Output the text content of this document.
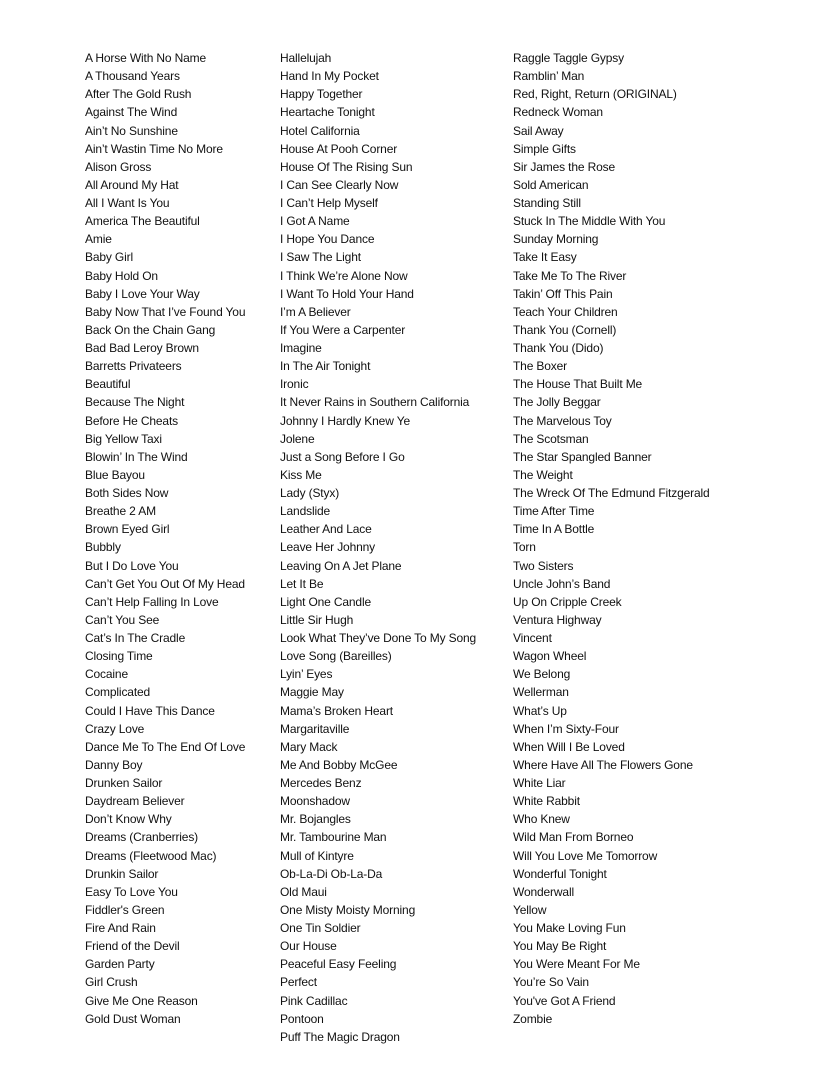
A Horse With No Name
A Thousand Years
After The Gold Rush
Against The Wind
Ain’t No Sunshine
Ain’t Wastin Time No More
Alison Gross
All Around My Hat
All I Want Is You
America The Beautiful
Amie
Baby Girl
Baby Hold On
Baby I Love Your Way
Baby Now That I’ve Found You
Back On the Chain Gang
Bad Bad Leroy Brown
Barretts Privateers
Beautiful
Because The Night
Before He Cheats
Big Yellow Taxi
Blowin’ In The Wind
Blue Bayou
Both Sides Now
Breathe 2 AM
Brown Eyed Girl
Bubbly
But I Do Love You
Can’t Get You Out Of My Head
Can’t Help Falling In Love
Can’t You See
Cat’s In The Cradle
Closing Time
Cocaine
Complicated
Could I Have This Dance
Crazy Love
Dance Me To The End Of Love
Danny Boy
Drunken Sailor
Daydream Believer
Don’t Know Why
Dreams (Cranberries)
Dreams (Fleetwood Mac)
Drunkin Sailor
Easy To Love You
Fiddler's Green
Fire And Rain
Friend of the Devil
Garden Party
Girl Crush
Give Me One Reason
Gold Dust Woman
Hallelujah
Hand In My Pocket
Happy Together
Heartache Tonight
Hotel California
House At Pooh Corner
House Of The Rising Sun
I Can See Clearly Now
I Can’t Help Myself
I Got A Name
I Hope You Dance
I Saw The Light
I Think We’re Alone Now
I Want To Hold Your Hand
I’m A Believer
If You Were a Carpenter
Imagine
In The Air Tonight
Ironic
It Never Rains in Southern California
Johnny I Hardly Knew Ye
Jolene
Just a Song Before I Go
Kiss Me
Lady (Styx)
Landslide
Leather And Lace
Leave Her Johnny
Leaving On A Jet Plane
Let It Be
Light One Candle
Little Sir Hugh
Look What They’ve Done To My Song
Love Song (Bareilles)
Lyin’ Eyes
Maggie May
Mama’s Broken Heart
Margaritaville
Mary Mack
Me And Bobby McGee
Mercedes Benz
Moonshadow
Mr. Bojangles
Mr. Tambourine Man
Mull of Kintyre
Ob-La-Di Ob-La-Da
Old Maui
One Misty Moisty Morning
One Tin Soldier
Our House
Peaceful Easy Feeling
Perfect
Pink Cadillac
Pontoon
Puff The Magic Dragon
Raggle Taggle Gypsy
Ramblin’ Man
Red, Right, Return (ORIGINAL)
Redneck Woman
Sail Away
Simple Gifts
Sir James the Rose
Sold American
Standing Still
Stuck In The Middle With You
Sunday Morning
Take It Easy
Take Me To The River
Takin’ Off This Pain
Teach Your Children
Thank You (Cornell)
Thank You (Dido)
The Boxer
The House That Built Me
The Jolly Beggar
The Marvelous Toy
The Scotsman
The Star Spangled Banner
The Weight
The Wreck Of The Edmund Fitzgerald
Time After Time
Time In A Bottle
Torn
Two Sisters
Uncle John’s Band
Up On Cripple Creek
Ventura Highway
Vincent
Wagon Wheel
We Belong
Wellerman
What’s Up
When I’m Sixty-Four
When Will I Be Loved
Where Have All The Flowers Gone
White Liar
White Rabbit
Who Knew
Wild Man From Borneo
Will You Love Me Tomorrow
Wonderful Tonight
Wonderwall
Yellow
You Make Loving Fun
You May Be Right
You Were Meant For Me
You’re So Vain
You've Got A Friend
Zombie
